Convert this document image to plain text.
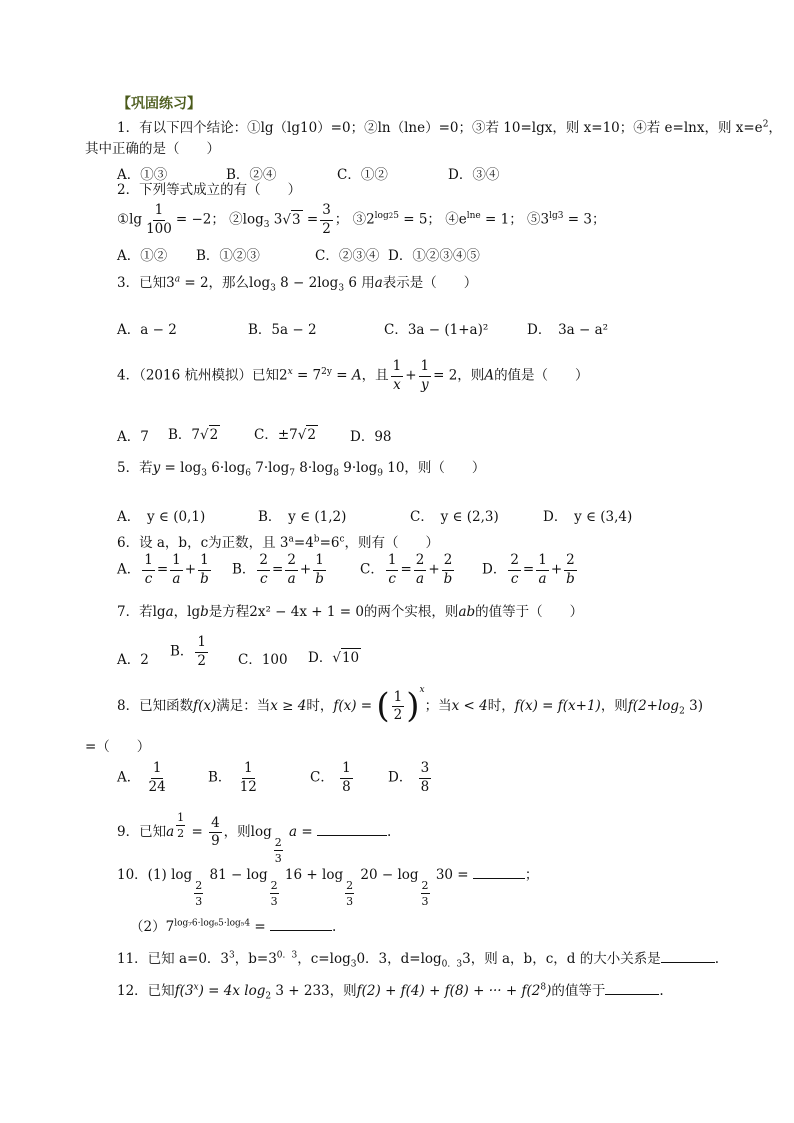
【巩固练习】
1．有以下四个结论：①lg（lg10）=0；②ln（lne）=0；③若 10=lgx，则 x=10；④若 e=lnx，则 $x=e^2$，
其中正确的是（　　）
A．①③	B．②④	C．①②	D．③④
2．下列等式成立的有（　　）
①lg $\frac{1}{100} = -2$； $②\log_3$ $3√3 = \frac{3}{2}$ ； $③2^{log25} = 5$； $④e^{lne} = 1$； $⑤3^{lg3} = 3$；
A．①② B．①②③	C．②③④ D．①②③④⑤
3．已知$3^a = 2$，那么$\log_3 8 - 2\log_3$ 6 用a表示是（　　）
A．a − 2	B．5a − 2	C．3a − (1+a)²	D．　3a − a²
4．（2016 杭州模拟）已知$2^x = 7^{2y} = A$，且 $\frac{1}{x} + \frac{1}{y} = 2$，则A的值是（　　）
A．7 B．7√2	C．±7√2	D．98
5．若$y = \log_3 6\cdot\log_6$ $7\cdot\log_7$ $8\cdot\log_8$ $9\cdot\log_9$ 10，则（　　）
A．　y ∈ (0,1)	B．　y ∈ (1,2)	C．　y ∈ (2,3)	D．　y ∈ (3,4)
6．设 a，b，c为正数，且 $3^a=4^b=6^c$，则有（　　）
A． $\frac{1}{c} = \frac{1}{a} + \frac{1}{b}$ B． $\frac{2}{c} = \frac{2}{a} + \frac{1}{b}$	C． $\frac{1}{c} = \frac{2}{a} + \frac{2}{b}$ D． $\frac{2}{c} = \frac{1}{a} + \frac{2}{b}$
7．若lga，lgb是方程2x² − 4x + 1 = 0的两个实根，则ab的值等于（　　）
A．2
B． $\frac{1}{2}$ C．100 D．√10
8．已知函数f(x)满足：当x ≥ 4时，f(x) = ( $\frac{1}{2} )^x$；当x < 4时，f(x) = f(x+1)，则$f(2+\log_2$ 3)
=（　　）
A． $\frac{1}{24}$	B． $\frac{1}{12}$	C． $\frac{1}{8}$	D． $\frac{3}{8}$
9．已知a $^{\frac{1}{2}} = \frac{4}{9}$ ，则log
$\frac{2}{3}$
a =	.
10．(1) log
$\frac{2}{3}$
81 − log
$\frac{2}{3}$
16 + log
$\frac{2}{3}$
20 − log
$\frac{2}{3}$
30 =	；
$(2)7^{log_76\cdot log_65\cdot log_54}$ =	.
11．已知 a=0．$3^3$，$b=3^{0.3}$，$c=\log_30$．3，$d=\log_{0.3}3$，则 a，b，c，d 的大小关系是	.
12．已知$f(3^x) = 4x$ $\log_2 3 + 233$，则f(2) + f(4) + f(8) + ··· + $f(2^8)$的值等于	.
